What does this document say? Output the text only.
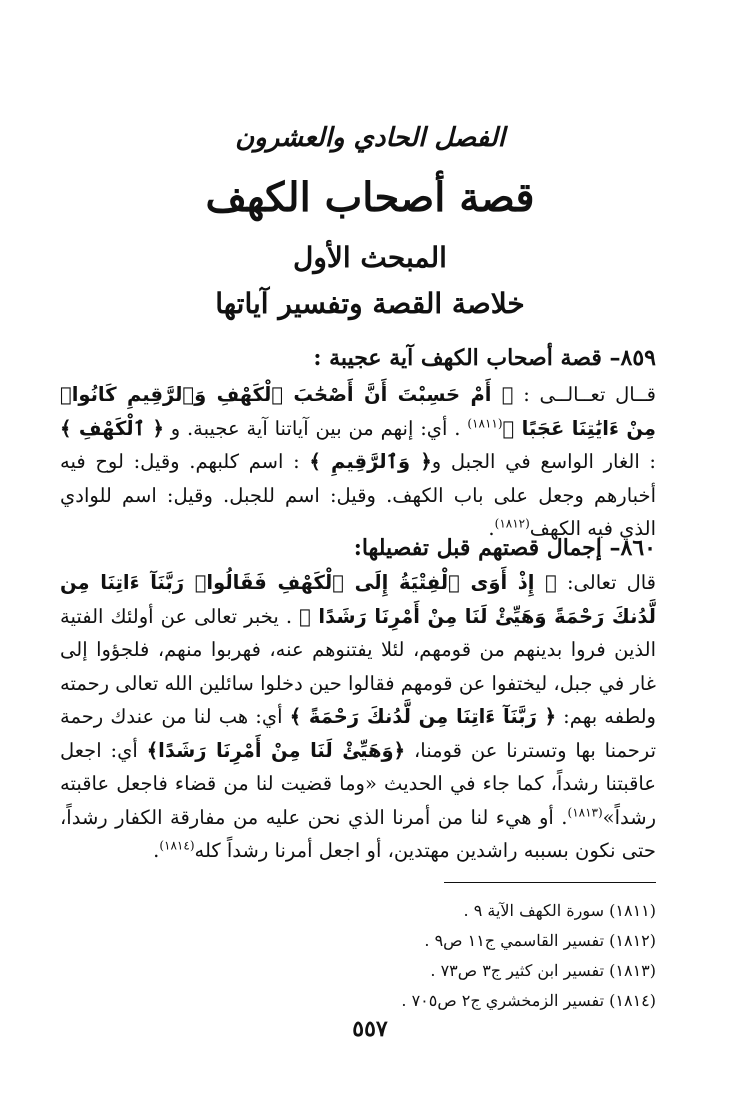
الفصل الحادي والعشرون
قصة أصحاب الكهف
المبحث الأول
خلاصة القصة وتفسير آياتها
٨٥٩– قصة أصحاب الكهف آية عجيبة :
قــال تعــالــى : ﴿ أَمْ حَسِبْتَ أَنَّ أَصْحَٰبَ ٱلْكَهْفِ وَٱلرَّقِيمِ كَانُوا۟ مِنْ ءَايَٰتِنَا عَجَبًا ﴾$^{(١٨١١)}$ . أي: إنهم من بين آياتنا آية عجيبة. و ﴿ ٱلْكَهْفِ ﴾ : الغار الواسع في الجبل و﴿ وَٱلرَّقِيمِ ﴾ : اسم كلبهم. وقيل: لوح فيه أخبارهم وجعل على باب الكهف. وقيل: اسم للجبل. وقيل: اسم للوادي الذي فيه الكهف$^{(١٨١٢)}$.
٨٦٠– إجمال قصتهم قبل تفصيلها:
قال تعالى: ﴿ إِذْ أَوَى ٱلْفِتْيَةُ إِلَى ٱلْكَهْفِ فَقَالُوا۟ رَبَّنَآ ءَاتِنَا مِن لَّدُنكَ رَحْمَةً وَهَيِّئْ لَنَا مِنْ أَمْرِنَا رَشَدًا ﴾ . يخبر تعالى عن أولئك الفتية الذين فروا بدينهم من قومهم، لئلا يفتنوهم عنه، فهربوا منهم، فلجؤوا إلى غار في جبل، ليختفوا عن قومهم فقالوا حين دخلوا سائلين الله تعالى رحمته ولطفه بهم: ﴿ رَبَّنَآ ءَاتِنَا مِن لَّدُنكَ رَحْمَةً ﴾ أي: هب لنا من عندك رحمة ترحمنا بها وتسترنا عن قومنا، ﴿وَهَيِّئْ لَنَا مِنْ أَمْرِنَا رَشَدًا﴾ أي: اجعل عاقبتنا رشداً، كما جاء في الحديث «وما قضيت لنا من قضاء فاجعل عاقبته رشداً»$^{(١٨١٣)}$. أو هيء لنا من أمرنا الذي نحن عليه من مفارقة الكفار رشداً، حتى نكون بسببه راشدين مهتدين، أو اجعل أمرنا رشداً كله$^{(١٨١٤)}$.
(١٨١١) سورة الكهف الآية ٩ .
(١٨١٢) تفسير القاسمي ج١١ ص٩ .
(١٨١٣) تفسير ابن كثير ج٣ ص٧٣ .
(١٨١٤) تفسير الزمخشري ج٢ ص٧٠٥ .
٥٥٧
